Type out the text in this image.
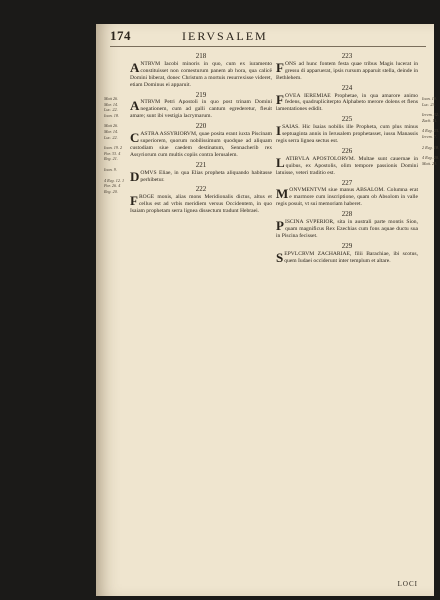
174	IERVSALEM
Matt 26. Mar. 14. Luc. 22. Ioan. 18.
Matt 26. Mar. 14. Luc. 22.
Ioan. 19. 2 Par. 33. 4 Reg. 21.
Ioan. 9.
4 Reg. 12. 1 Par. 26. 4 Reg. 20.
218

ANTRVM Iacobi minoris in quo, cum ex iuramento constituisset non comesturum panem ab hora, qua calicē Domini biberat, donec Christum a mortuis resurrexisse videret, etiam Dominus ei apparuit.

219

ANTRVM Petri Apostoli in quo post trinam Domini negationem, cum ad galli cantum egrederetur, fleuit amare; sunt ibi vestigia lacrymarum.

220

CASTRA ASSYRIORVM, quae posita erant iuxta Piscinam superiorem, quorum nobilissimum quodque ad aliquam custodiam siue caedem destinatum, Sennacherib rex Assyriorum cum multis copiis contra Ierusalem.

221

DOMVS Eliae, in qua Elias propheta aliquando habitasse perhibetur.

222

FROGE monis, alias mons Meridionalis dictus, altus et cellus est ad vrbis meridiem versus Occidentem, in quo Isaiam prophetam serra lignea dissectum tradunt Hebraei.

223

FONS ad hunc fontem festa quae tribus Magis lucerat in gressu di apparuerat, ipsis rursum apparuit stella, deinde in Bethlehem.

224

FOVEA IEREMIAE Prophetae, in qua amarore animo fedens, quadrupliciterpto Alphabeto merore dolens et flens lamentationes edidit.

225

ISAIAS. Hic Isaias nobilis ille Propheta, cum plus minus septuaginta annis in Ierusalem prophetasset, iussu Manassis regis serra lignea sectus est.

226

LATIBVLA APOSTOLORVM. Multae sunt cauernae in quibus, ex Apostolis, olim tempore passionis Domini latuisse, veteri traditio est.

227

MONVMENTVM siue manus ABSALOM. Columna erat e marmore cum inscriptione, quam ob Absolom in valle regis posuit, vt sui memoriam haberet.

228

PISCINA SVPERIOR, sita in australi parte montis Sion, quam magnificus Rex Ezechias cum fons aquae ductu sua in Piscina fecisset.

229

SEPVLCRVM ZACHARIAE, filii Barachiae, ibi scotus, quem Iudaei occiderunt inter templum et altare.

Ioan. 19. Luc. 23.
Ierem. 32. Zach. 11.
4 Reg. 23. Ierem. 7.
2 Reg. 18.
4 Reg. 20. Matt. 23.
LOCI
